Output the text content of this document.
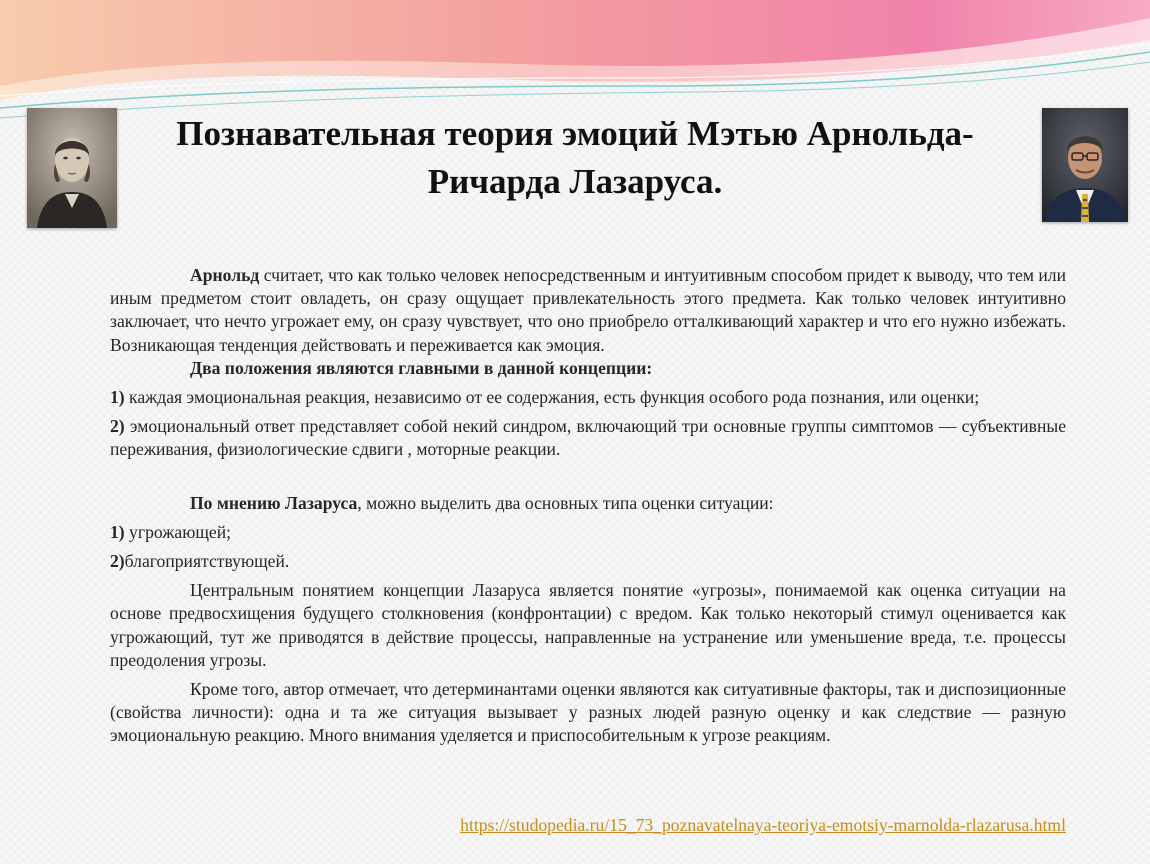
Познавательная теория эмоций Мэтью Арнольда-
Ричарда Лазаруса.

Арнольд считает, что как только человек непосредственным и интуитивным способом придет к выводу, что тем или иным предметом стоит овладеть, он сразу ощущает привлекательность этого предмета. Как только человек интуитивно заключает, что нечто угрожает ему, он сразу чувствует, что оно приобрело отталкивающий характер и что его нужно избежать. Возникающая тенденция действовать и переживается как эмоция.

Два положения являются главными в данной концепции:

1) каждая эмоциональная реакция, независимо от ее содержания, есть функция особого рода познания, или оценки;

2) эмоциональный ответ представляет собой некий синдром, включающий три основные группы симптомов — субъективные переживания, физиологические сдвиги , моторные реакции.

По мнению Лазаруса, можно выделить два основных типа оценки ситуации:

1) угрожающей;

2)благоприятствующей.

Центральным понятием концепции Лазаруса является понятие «угрозы», понимаемой как оценка ситуации на основе предвосхищения будущего столкновения (конфронтации) с вредом. Как только некоторый стимул оценивается как угрожающий, тут же приводятся в действие процессы, направленные на устранение или уменьшение вреда, т.е. процессы преодоления угрозы.

Кроме того, автор отмечает, что детерминантами оценки являются как ситуативные факторы, так и диспозиционные (свойства личности): одна и та же ситуация вызывает у разных людей разную оценку и как следствие — разную эмоциональную реакцию. Много внимания уделяется и приспособительным к угрозе реакциям.

https://studopedia.ru/15_73_poznavatelnaya-teoriya-emotsiy-marnolda-rlazarusa.html
